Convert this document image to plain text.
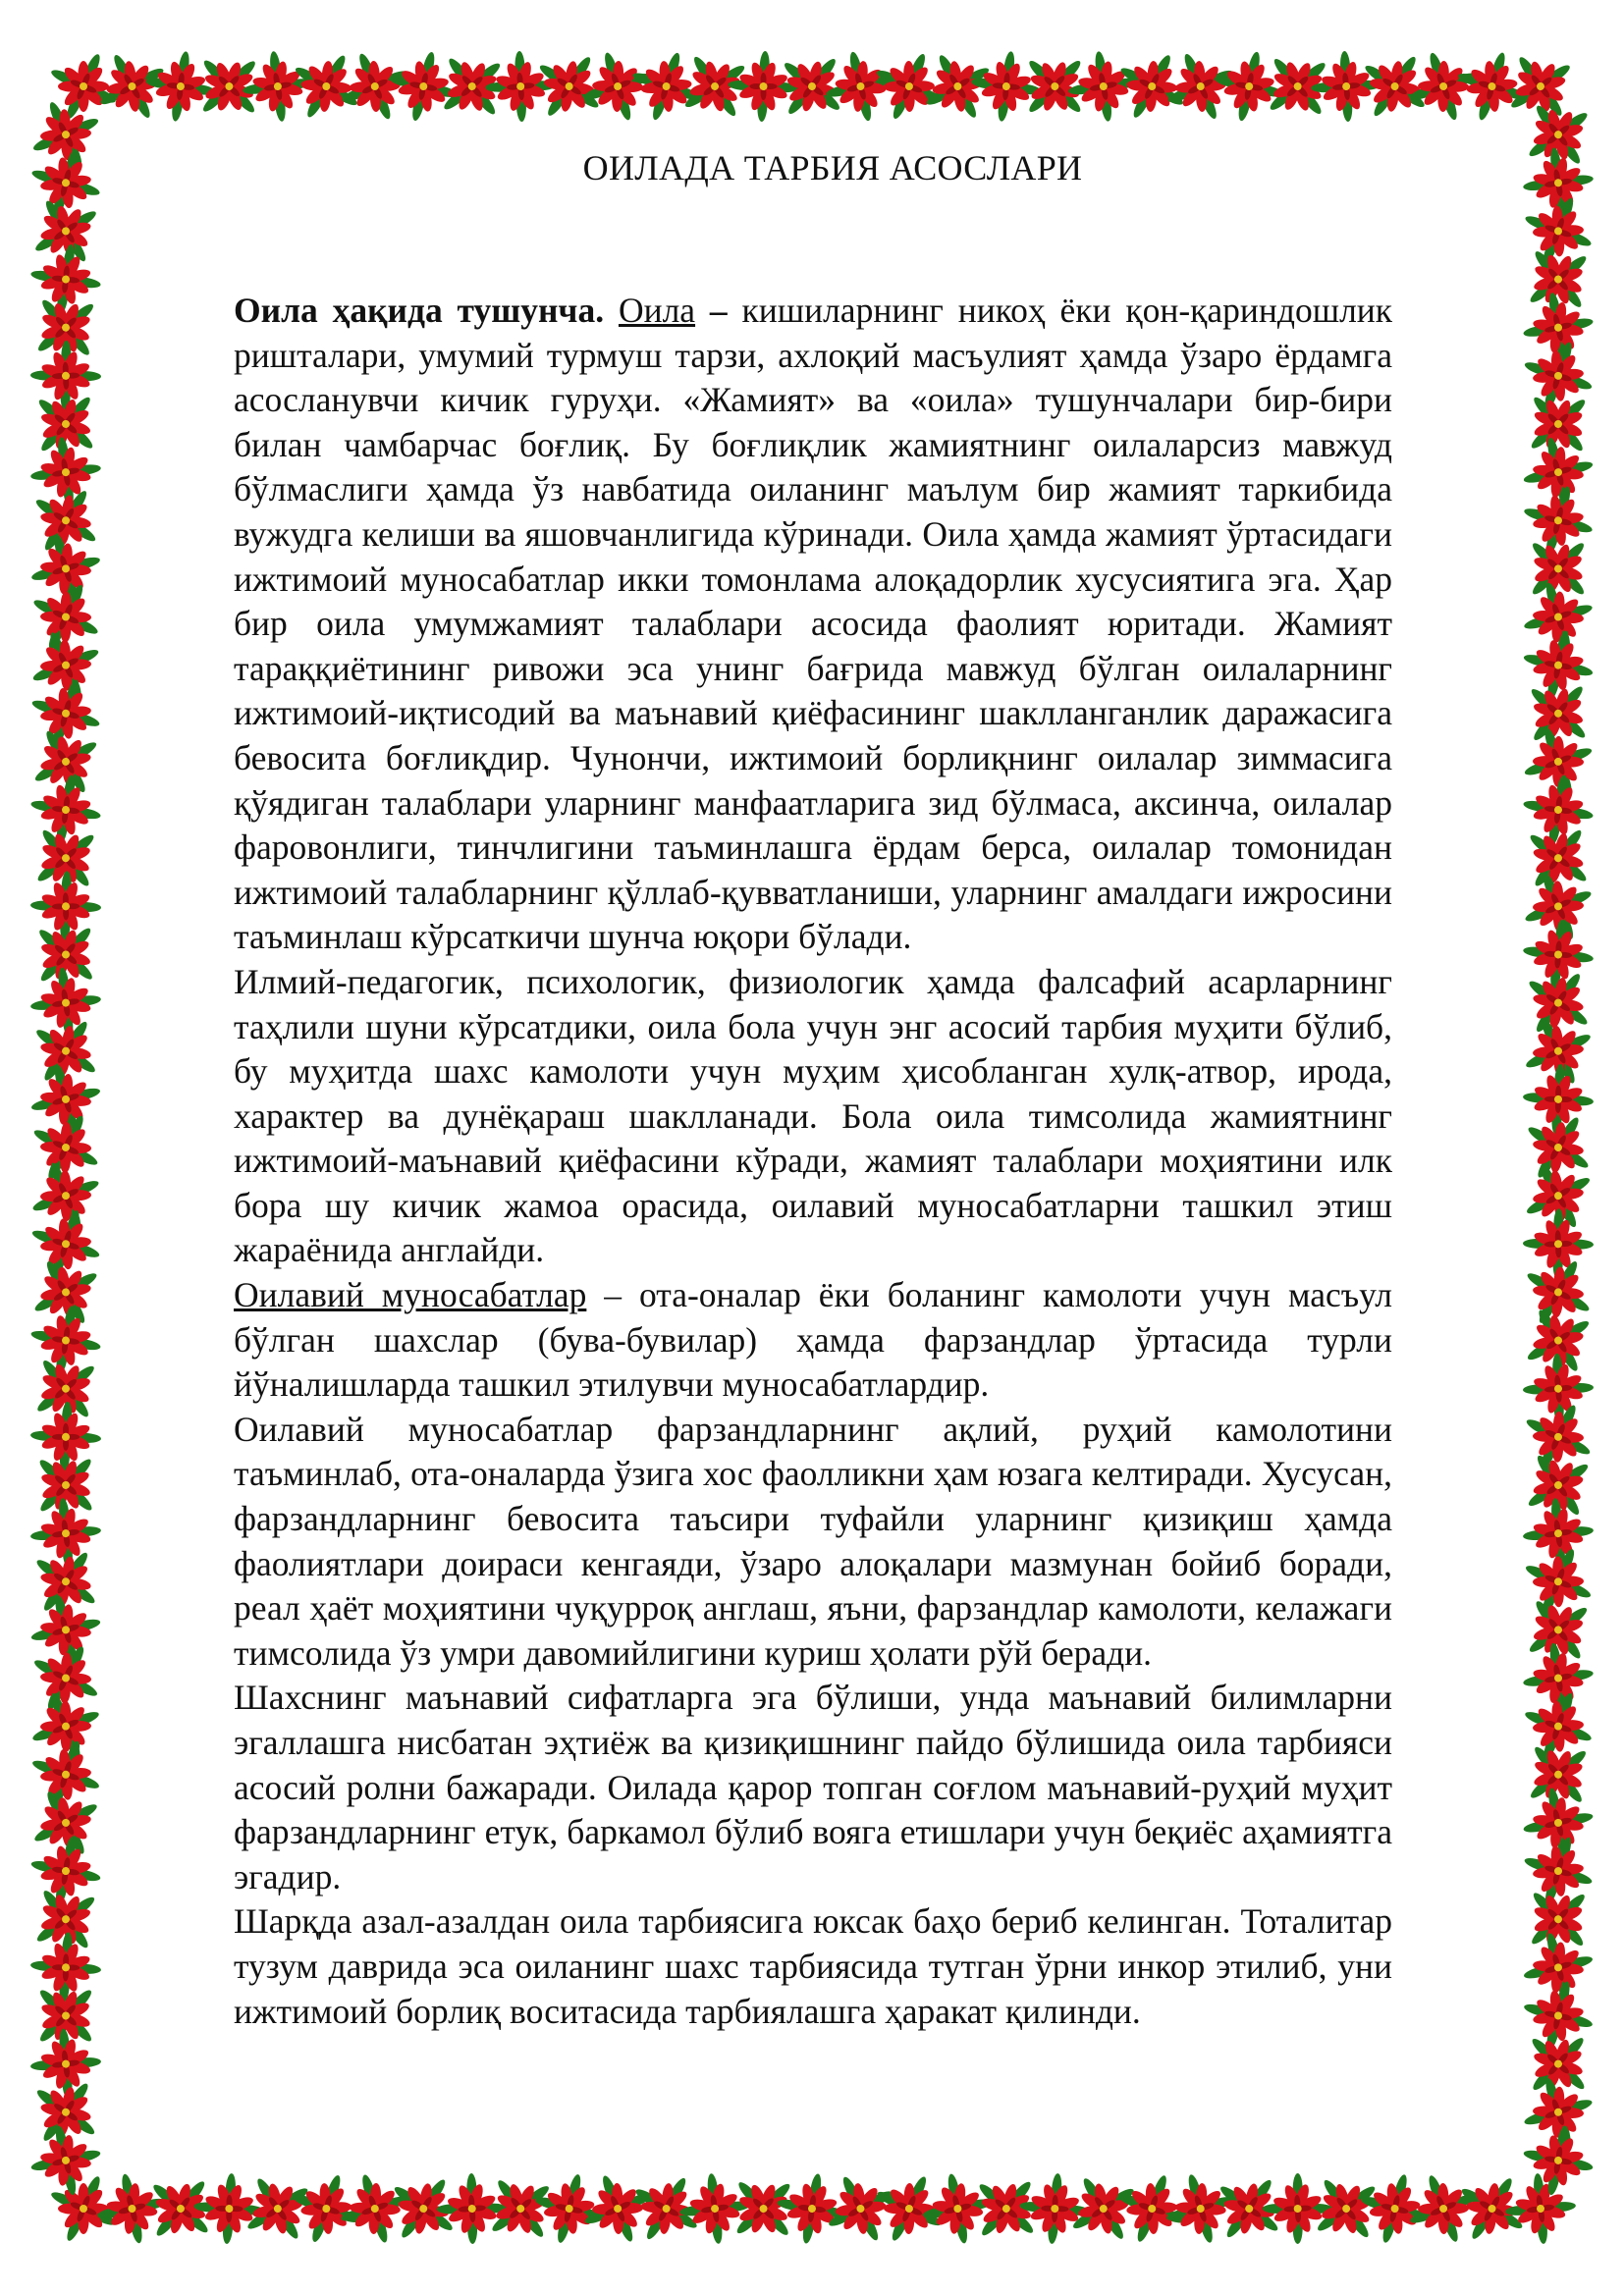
ОИЛАДА ТАРБИЯ АСОСЛАРИ

Оила ҳақида тушунча. Оила – кишиларнинг никоҳ ёки қон-қариндошлик ришталари, умумий турмуш тарзи, ахлоқий масъулият ҳамда ўзаро ёрдамга асосланувчи кичик гуруҳи. «Жамият» ва «оила» тушунчалари бир-бири билан чамбарчас боғлиқ. Бу боғлиқлик жамиятнинг оилаларсиз мавжуд бўлмаслиги ҳамда ўз навбатида оиланинг маълум бир жамият таркибида вужудга келиши ва яшовчанлигида кўринади. Оила ҳамда жамият ўртасидаги ижтимоий муносабатлар икки томонлама алоқадорлик хусусиятига эга. Ҳар бир оила умумжамият талаблари асосида фаолият юритади. Жамият тараққиётининг ривожи эса унинг бағрида мавжуд бўлган оилаларнинг ижтимоий-иқтисодий ва маънавий қиёфасининг шаклланганлик даражасига бевосита боғлиқдир. Чунончи, ижтимоий борлиқнинг оилалар зиммасига қўядиган талаблари уларнинг манфаатларига зид бўлмаса, аксинча, оилалар фаровонлиги, тинчлигини таъминлашга ёрдам берса, оилалар томонидан ижтимоий талабларнинг қўллаб-қувватланиши, уларнинг амалдаги ижросини таъминлаш кўрсаткичи шунча юқори бўлади.

Илмий-педагогик, психологик, физиологик ҳамда фалсафий асарларнинг таҳлили шуни кўрсатдики, оила бола учун энг асосий тарбия муҳити бўлиб, бу муҳитда шахс камолоти учун муҳим ҳисобланган хулқ-атвор, ирода, характер ва дунёқараш шаклланади. Бола оила тимсолида жамиятнинг ижтимоий-маънавий қиёфасини кўради, жамият талаблари моҳиятини илк бора шу кичик жамоа орасида, оилавий муносабатларни ташкил этиш жараёнида англайди.

Оилавий муносабатлар – ота-оналар ёки боланинг камолоти учун масъул бўлган шахслар (бува-бувилар) ҳамда фарзандлар ўртасида турли йўналишларда ташкил этилувчи муносабатлардир.

Оилавий муносабатлар фарзандларнинг ақлий, руҳий камолотини таъминлаб, ота-оналарда ўзига хос фаолликни ҳам юзага келтиради. Хусусан, фарзандларнинг бевосита таъсири туфайли уларнинг қизиқиш ҳамда фаолиятлари доираси кенгаяди, ўзаро алоқалари мазмунан бойиб боради, реал ҳаёт моҳиятини чуқурроқ англаш, яъни, фарзандлар камолоти, келажаги тимсолида ўз умри давомийлигини куриш ҳолати рўй беради.

Шахснинг маънавий сифатларга эга бўлиши, унда маънавий билимларни эгаллашга нисбатан эҳтиёж ва қизиқишнинг пайдо бўлишида оила тарбияси асосий ролни бажаради. Оилада қарор топган соғлом маънавий-руҳий муҳит фарзандларнинг етук, баркамол бўлиб вояга етишлари учун беқиёс аҳамиятга эгадир.

Шарқда азал-азалдан оила тарбиясига юксак баҳо бериб келинган. Тоталитар тузум даврида эса оиланинг шахс тарбиясида тутган ўрни инкор этилиб, уни ижтимоий борлиқ воситасида тарбиялашга ҳаракат қилинди.
